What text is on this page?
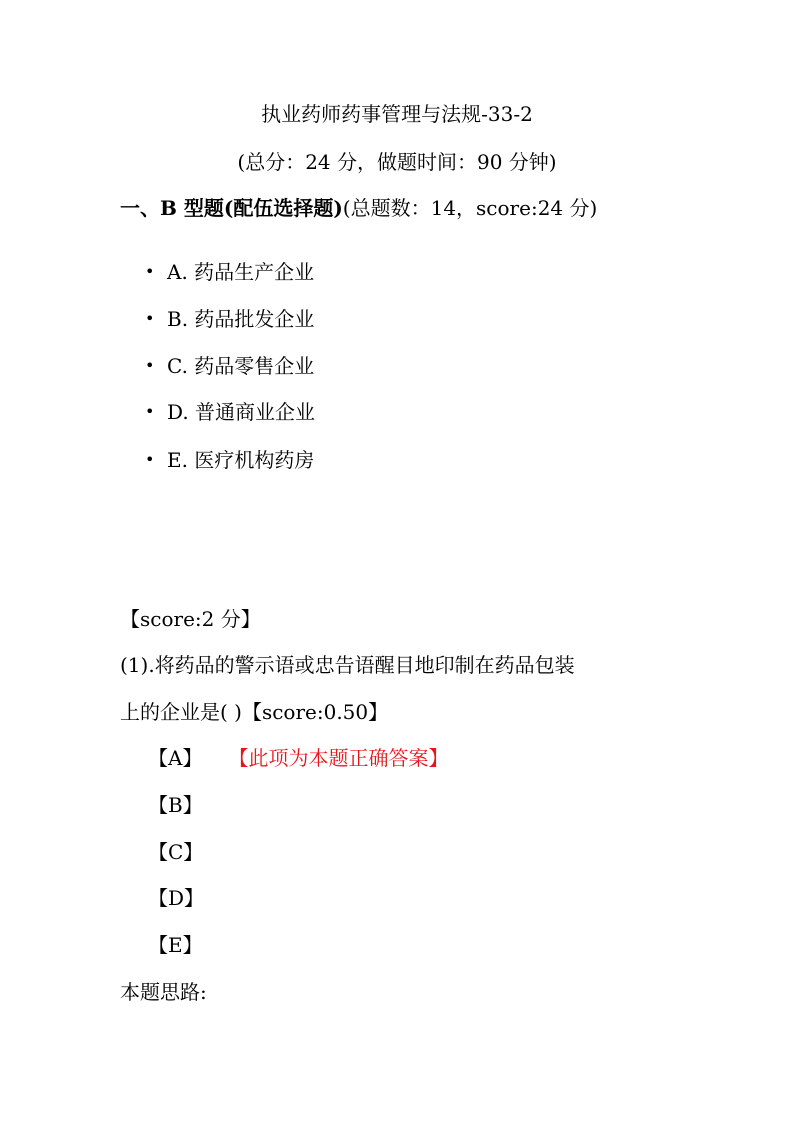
执业药师药事管理与法规-33-2
(总分：24 分，做题时间：90 分钟)
一、B 型题(配伍选择题)(总题数：14，score:24 分)
• A. 药品生产企业
• B. 药品批发企业
• C. 药品零售企业
• D. 普通商业企业
• E. 医疗机构药房
【score:2 分】
(1).将药品的警示语或忠告语醒目地印制在药品包装
上的企业是( )【score:0.50】
【A】 【此项为本题正确答案】
【B】
【C】
【D】
【E】
本题思路:
